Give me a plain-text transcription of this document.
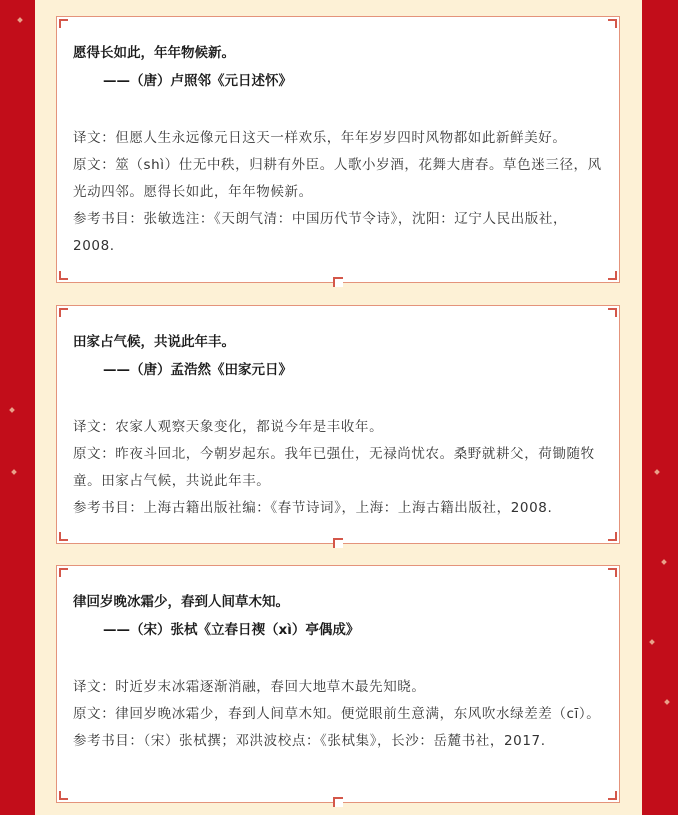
愿得长如此，年年物候新。

——（唐）卢照邻《元日述怀》

译文：但愿人生永远像元日这天一样欢乐，年年岁岁四时风物都如此新鲜美好。

原文：筮（shì）仕无中秩，归耕有外臣。人歌小岁酒，花舞大唐春。草色迷三径，风光动四邻。愿得长如此，年年物候新。

参考书目：张敏选注：《天朗气清：中国历代节令诗》，沈阳：辽宁人民出版社，2008.

田家占气候，共说此年丰。

——（唐）孟浩然《田家元日》

译文：农家人观察天象变化，都说今年是丰收年。

原文：昨夜斗回北，今朝岁起东。我年已强仕，无禄尚忧农。桑野就耕父，荷锄随牧童。田家占气候，共说此年丰。

参考书目：上海古籍出版社编：《春节诗词》，上海：上海古籍出版社，2008.

律回岁晚冰霜少，春到人间草木知。

——（宋）张栻《立春日禊（xì）亭偶成》

译文：时近岁末冰霜逐渐消融，春回大地草木最先知晓。

原文：律回岁晚冰霜少，春到人间草木知。便觉眼前生意满，东风吹水绿差差（cī）。

参考书目：（宋）张栻撰；邓洪波校点：《张栻集》，长沙：岳麓书社，2017.
